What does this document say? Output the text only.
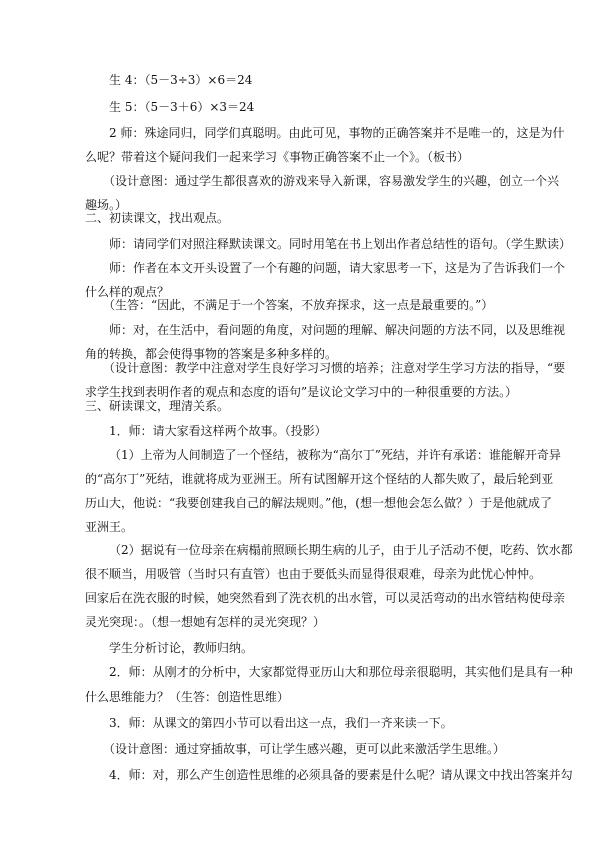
生 4：（5－3÷3）×6＝24
生 5：（5－3＋6）×3＝24
2 师：殊途同归，同学们真聪明。由此可见，事物的正确答案并不是唯一的，这是为什
么呢？带着这个疑问我们一起来学习《事物正确答案不止一个》。（板书）
（设计意图：通过学生都很喜欢的游戏来导入新课，容易激发学生的兴趣，创立一个兴
趣场。）
二、初读课文，找出观点。
师：请同学们对照注释默读课文。同时用笔在书上划出作者总结性的语句。（学生默读）
师：作者在本文开头设置了一个有趣的问题，请大家思考一下，这是为了告诉我们一个
什么样的观点？
（生答：“因此，不满足于一个答案，不放弃探求，这一点是最重要的。”）
师：对，在生活中，看问题的角度，对问题的理解、解决问题的方法不同，以及思维视
角的转换，都会使得事物的答案是多种多样的。
（设计意图：教学中注意对学生良好学习习惯的培养；注意对学生学习方法的指导，“要
求学生找到表明作者的观点和态度的语句”是议论文学习中的一种很重要的方法。）
三、研读课文，理清关系。
1．师：请大家看这样两个故事。（投影）
（1）上帝为人间制造了一个怪结，被称为“高尔丁”死结，并许有承诺：谁能解开奇异
的“高尔丁”死结，谁就将成为亚洲王。所有试图解开这个怪结的人都失败了，最后轮到亚
历山大，他说：“我要创建我自己的解法规则。”他，(想一想他会怎么做？）于是他就成了
亚洲王。
（2）据说有一位母亲在病榻前照顾长期生病的儿子，由于儿子活动不便，吃药、饮水都
很不顺当，用吸管（当时只有直管）也由于要低头而显得很艰难，母亲为此忧心忡忡。
回家后在洗衣服的时候，她突然看到了洗衣机的出水管，可以灵活弯动的出水管结构使母亲
灵光突现：。（想一想她有怎样的灵光突现？）
学生分析讨论，教师归纳。
2．师：从刚才的分析中，大家都觉得亚历山大和那位母亲很聪明，其实他们是具有一种
什么思维能力？（生答：创造性思维）
3．师：从课文的第四小节可以看出这一点，我们一齐来读一下。
（设计意图：通过穿插故事，可让学生感兴趣，更可以此来激活学生思维。）
4．师：对，那么产生创造性思维的必须具备的要素是什么呢？请从课文中找出答案并勾
